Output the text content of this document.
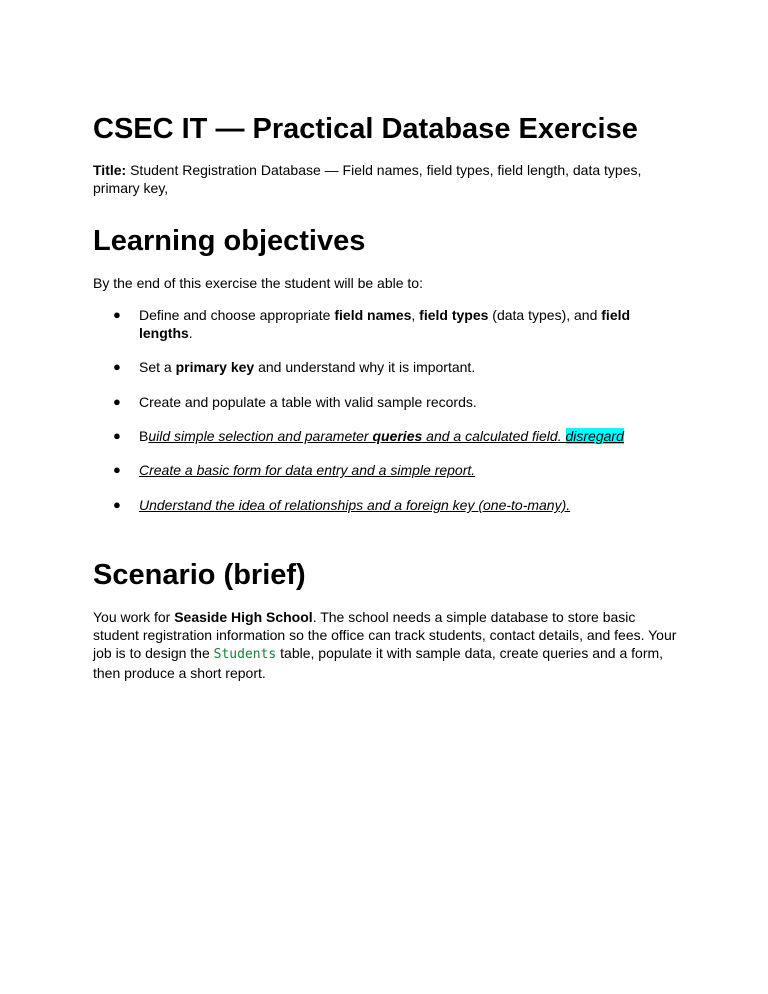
CSEC IT — Practical Database Exercise

Title: Student Registration Database — Field names, field types, field length, data types, primary key,

Learning objectives

By the end of this exercise the student will be able to:

● Define and choose appropriate field names, field types (data types), and field lengths.
● Set a primary key and understand why it is important.
● Create and populate a table with valid sample records.
● Build simple selection and parameter queries and a calculated field. disregard
● Create a basic form for data entry and a simple report.
● Understand the idea of relationships and a foreign key (one-to-many).
Scenario (brief)

You work for Seaside High School. The school needs a simple database to store basic student registration information so the office can track students, contact details, and fees. Your job is to design the Students table, populate it with sample data, create queries and a form, then produce a short report.
